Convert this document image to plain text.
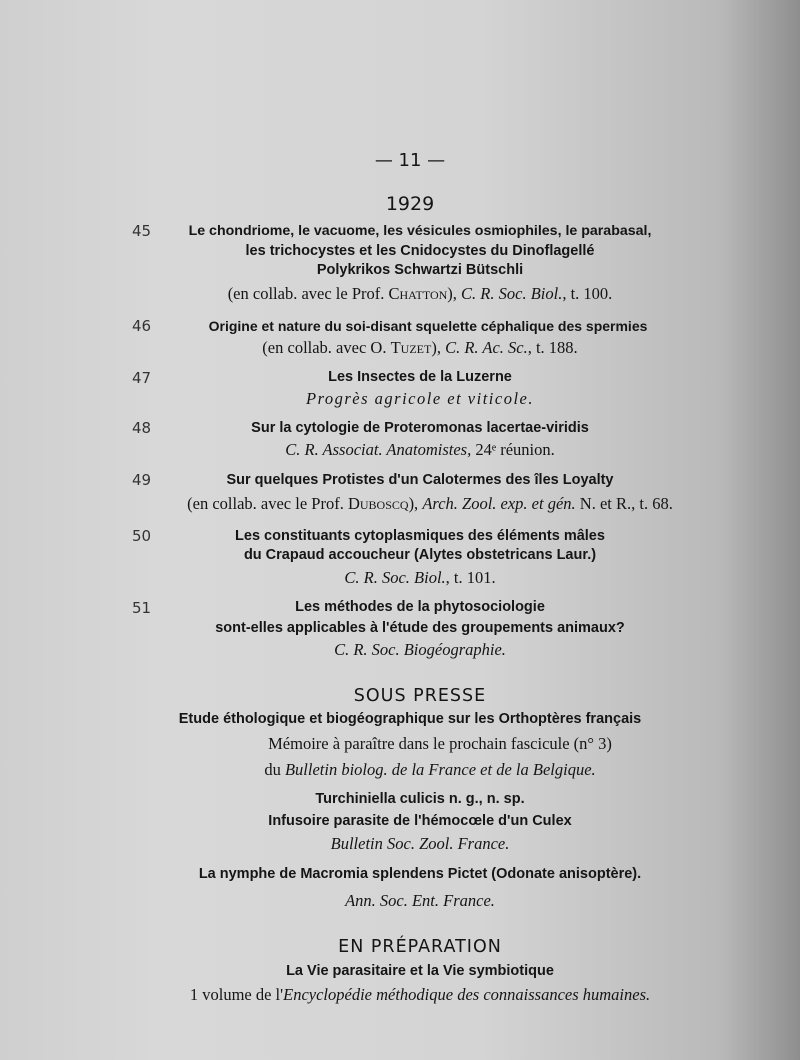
— 11 —
1929
45	Le chondriome, le vacuome, les vésicules osmiophiles, le parabasal,
les trichocystes et les Cnidocystes du Dinoflagellé
Polykrikos Schwartzi Bütschli
(en collab. avec le Prof. Chatton), C. R. Soc. Biol., t. 100.
46	Origine et nature du soi-disant squelette céphalique des spermies
(en collab. avec O. Tuzet), C. R. Ac. Sc., t. 188.
47	Les Insectes de la Luzerne
Progrès agricole et viticole.
48	Sur la cytologie de Proteromonas lacertae-viridis
C. R. Associat. Anatomistes, 24ᵉ réunion.
49	Sur quelques Protistes d'un Calotermes des îles Loyalty
(en collab. avec le Prof. Duboscq), Arch. Zool. exp. et gén. N. et R., t. 68.
50	Les constituants cytoplasmiques des éléments mâles
du Crapaud accoucheur (Alytes obstetricans Laur.)
C. R. Soc. Biol., t. 101.
51	Les méthodes de la phytosociologie
sont-elles applicables à l'étude des groupements animaux?
C. R. Soc. Biogéographie.
SOUS PRESSE
Etude éthologique et biogéographique sur les Orthoptères français
Mémoire à paraître dans le prochain fascicule (n° 3)
du Bulletin biolog. de la France et de la Belgique.
Turchiniella culicis n. g., n. sp.
Infusoire parasite de l'hémocœle d'un Culex
Bulletin Soc. Zool. France.
La nymphe de Macromia splendens Pictet (Odonate anisoptère).
Ann. Soc. Ent. France.
EN PRÉPARATION
La Vie parasitaire et la Vie symbiotique
1 volume de l'Encyclopédie méthodique des connaissances humaines.
